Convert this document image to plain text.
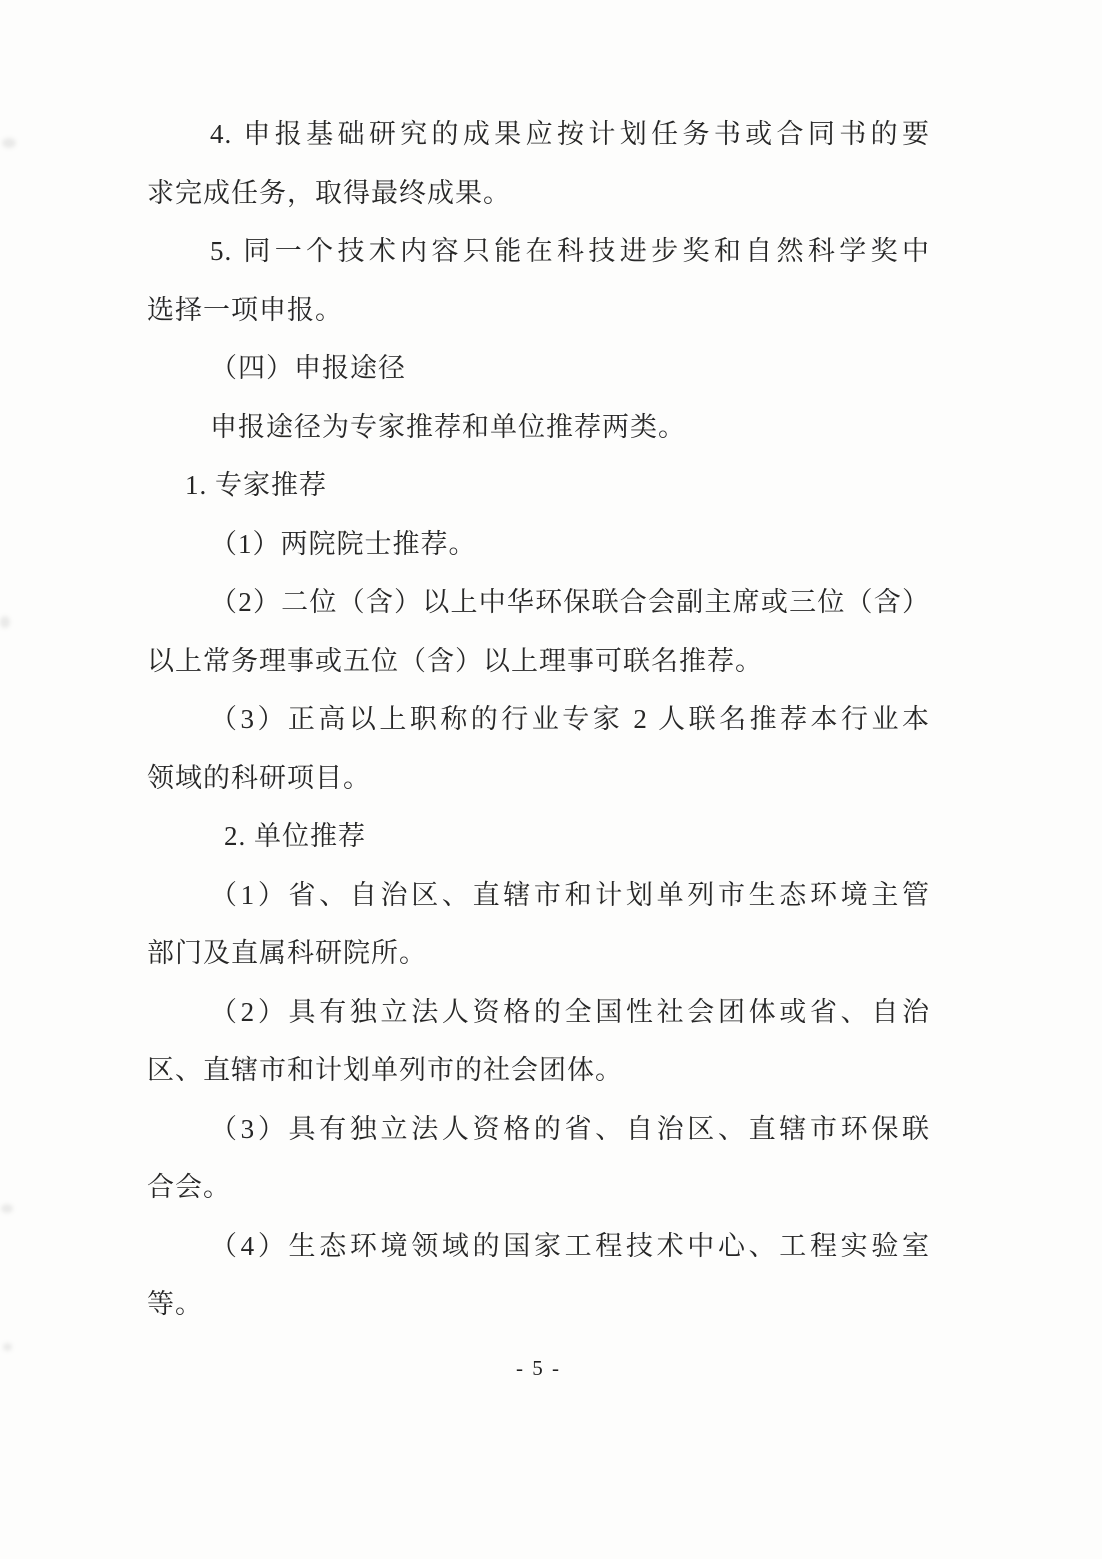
4. 申报基础研究的成果应按计划任务书或合同书的要
求完成任务，取得最终成果。
5. 同一个技术内容只能在科技进步奖和自然科学奖中
选择一项申报。
（四）申报途径
申报途径为专家推荐和单位推荐两类。
1. 专家推荐
（1）两院院士推荐。
（2）二位（含）以上中华环保联合会副主席或三位（含）
以上常务理事或五位（含）以上理事可联名推荐。
（3）正高以上职称的行业专家 2 人联名推荐本行业本
领域的科研项目。
2. 单位推荐
（1）省、自治区、直辖市和计划单列市生态环境主管
部门及直属科研院所。
（2）具有独立法人资格的全国性社会团体或省、自治
区、直辖市和计划单列市的社会团体。
（3）具有独立法人资格的省、自治区、直辖市环保联
合会。
（4）生态环境领域的国家工程技术中心、工程实验室
等。
- 5 -
